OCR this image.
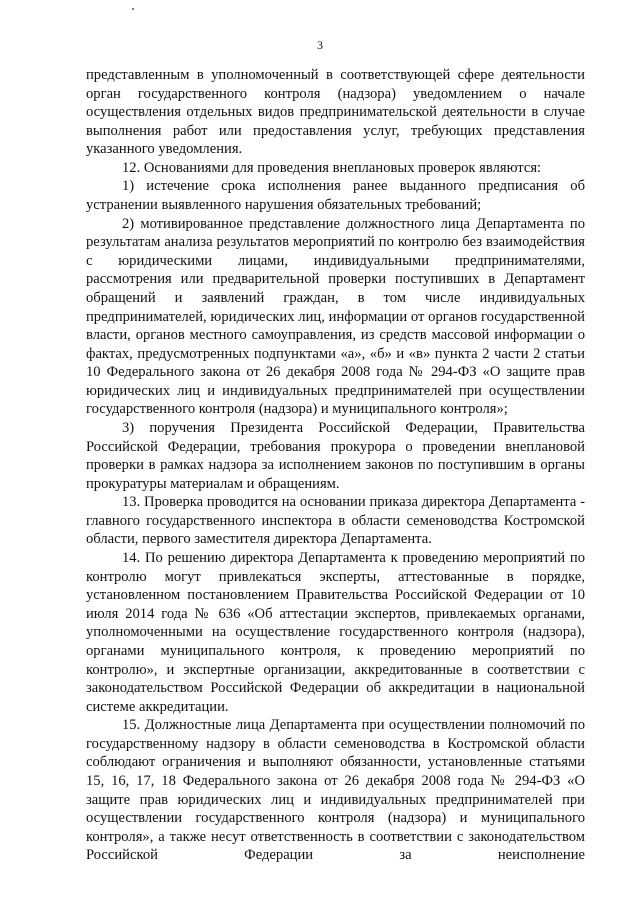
3

представленным в уполномоченный в соответствующей сфере деятельности орган государственного контроля (надзора) уведомлением о начале осуществления отдельных видов предпринимательской деятельности в случае выполнения работ или предоставления услуг, требующих представления указанного уведомления.

12. Основаниями для проведения внеплановых проверок являются:

1) истечение срока исполнения ранее выданного предписания об устранении выявленного нарушения обязательных требований;

2) мотивированное представление должностного лица Департамента по результатам анализа результатов мероприятий по контролю без взаимодействия с юридическими лицами, индивидуальными предпринимателями, рассмотрения или предварительной проверки поступивших в Департамент обращений и заявлений граждан, в том числе индивидуальных предпринимателей, юридических лиц, информации от органов государственной власти, органов местного самоуправления, из средств массовой информации о фактах, предусмотренных подпунктами «а», «б» и «в» пункта 2 части 2 статьи 10 Федерального закона от 26 декабря 2008 года № 294-ФЗ «О защите прав юридических лиц и индивидуальных предпринимателей при осуществлении государственного контроля (надзора) и муниципального контроля»;

3) поручения Президента Российской Федерации, Правительства Российской Федерации, требования прокурора о проведении внеплановой проверки в рамках надзора за исполнением законов по поступившим в органы прокуратуры материалам и обращениям.

13. Проверка проводится на основании приказа директора Департамента - главного государственного инспектора в области семеноводства Костромской области, первого заместителя директора Департамента.

14. По решению директора Департамента к проведению мероприятий по контролю могут привлекаться эксперты, аттестованные в порядке, установленном постановлением Правительства Российской Федерации от 10 июля 2014 года № 636 «Об аттестации экспертов, привлекаемых органами, уполномоченными на осуществление государственного контроля (надзора), органами муниципального контроля, к проведению мероприятий по контролю», и экспертные организации, аккредитованные в соответствии с законодательством Российской Федерации об аккредитации в национальной системе аккредитации.

15. Должностные лица Департамента при осуществлении полномочий по государственному надзору в области семеноводства в Костромской области соблюдают ограничения и выполняют обязанности, установленные статьями 15, 16, 17, 18 Федерального закона от 26 декабря 2008 года № 294-ФЗ «О защите прав юридических лиц и индивидуальных предпринимателей при осуществлении государственного контроля (надзора) и муниципального контроля», а также несут ответственность в соответствии с законодательством Российской Федерации за неисполнение
